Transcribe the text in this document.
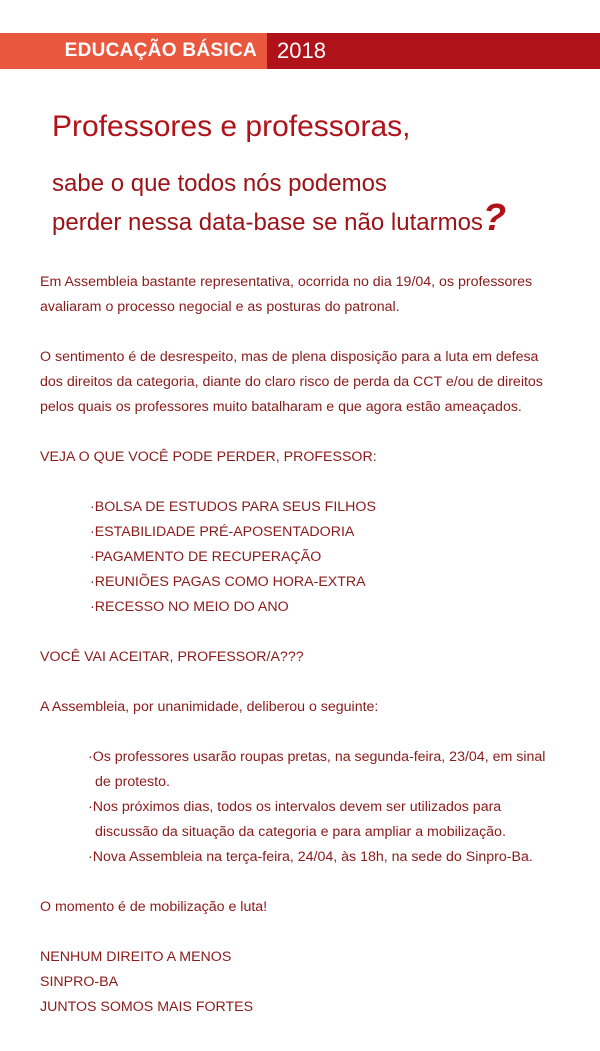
EDUCAÇÃO BÁSICA 2018
Professores e professoras,
sabe o que todos nós podemos
perder nessa data-base se não lutarmos?

Em Assembleia bastante representativa, ocorrida no dia 19/04, os professores

avaliaram o processo negocial e as posturas do patronal.

O sentimento é de desrespeito, mas de plena disposição para a luta em defesa

dos direitos da categoria, diante do claro risco de perda da CCT e/ou de direitos

pelos quais os professores muito batalharam e que agora estão ameaçados.

VEJA O QUE VOCÊ PODE PERDER, PROFESSOR:

·BOLSA DE ESTUDOS PARA SEUS FILHOS
·ESTABILIDADE PRÉ-APOSENTADORIA
·PAGAMENTO DE RECUPERAÇÃO
·REUNIÕES PAGAS COMO HORA-EXTRA
·RECESSO NO MEIO DO ANO

VOCÊ VAI ACEITAR, PROFESSOR/A???

A Assembleia, por unanimidade, deliberou o seguinte:

·Os professores usarão roupas pretas, na segunda-feira, 23/04, em sinal
de protesto.
·Nos próximos dias, todos os intervalos devem ser utilizados para
discussão da situação da categoria e para ampliar a mobilização.
·Nova Assembleia na terça-feira, 24/04, às 18h, na sede do Sinpro-Ba.

O momento é de mobilização e luta!

NENHUM DIREITO A MENOS

SINPRO-BA

JUNTOS SOMOS MAIS FORTES
